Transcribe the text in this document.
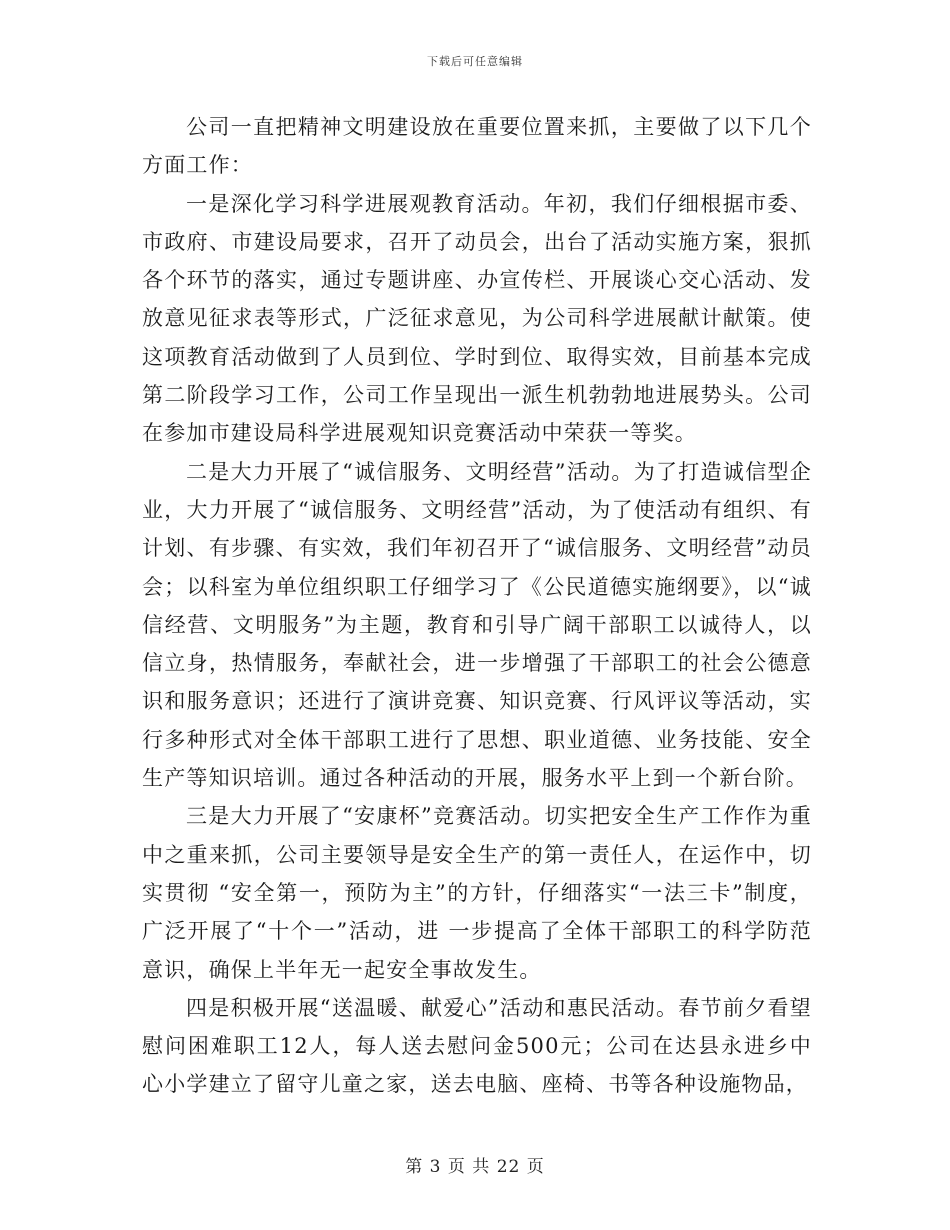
下载后可任意编辑

公司一直把精神文明建设放在重要位置来抓，主要做了以下几个方面工作：

一是深化学习科学进展观教育活动。年初，我们仔细根据市委、市政府、市建设局要求，召开了动员会，出台了活动实施方案，狠抓各个环节的落实，通过专题讲座、办宣传栏、开展谈心交心活动、发放意见征求表等形式，广泛征求意见，为公司科学进展献计献策。使这项教育活动做到了人员到位、学时到位、取得实效，目前基本完成第二阶段学习工作，公司工作呈现出一派生机勃勃地进展势头。公司在参加市建设局科学进展观知识竞赛活动中荣获一等奖。

二是大力开展了“诚信服务、文明经营”活动。为了打造诚信型企业，大力开展了“诚信服务、文明经营”活动，为了使活动有组织、有计划、有步骤、有实效，我们年初召开了“诚信服务、文明经营”动员会；以科室为单位组织职工仔细学习了《公民道德实施纲要》，以“诚信经营、文明服务”为主题，教育和引导广阔干部职工以诚待人，以信立身，热情服务，奉献社会，进一步增强了干部职工的社会公德意识和服务意识；还进行了演讲竞赛、知识竞赛、行风评议等活动，实行多种形式对全体干部职工进行了思想、职业道德、业务技能、安全生产等知识培训。通过各种活动的开展，服务水平上到一个新台阶。

三是大力开展了“安康杯”竞赛活动。切实把安全生产工作作为重中之重来抓，公司主要领导是安全生产的第一责任人，在运作中，切实贯彻 “安全第一，预防为主”的方针，仔细落实“一法三卡”制度，广泛开展了“十个一”活动，进 一步提高了全体干部职工的科学防范意识，确保上半年无一起安全事故发生。

四是积极开展“送温暖、献爱心”活动和惠民活动。春节前夕看望慰问困难职工12人，每人送去慰问金500元；公司在达县永进乡中心小学建立了留守儿童之家，送去电脑、座椅、书等各种设施物品，

第 3 页 共 22 页
